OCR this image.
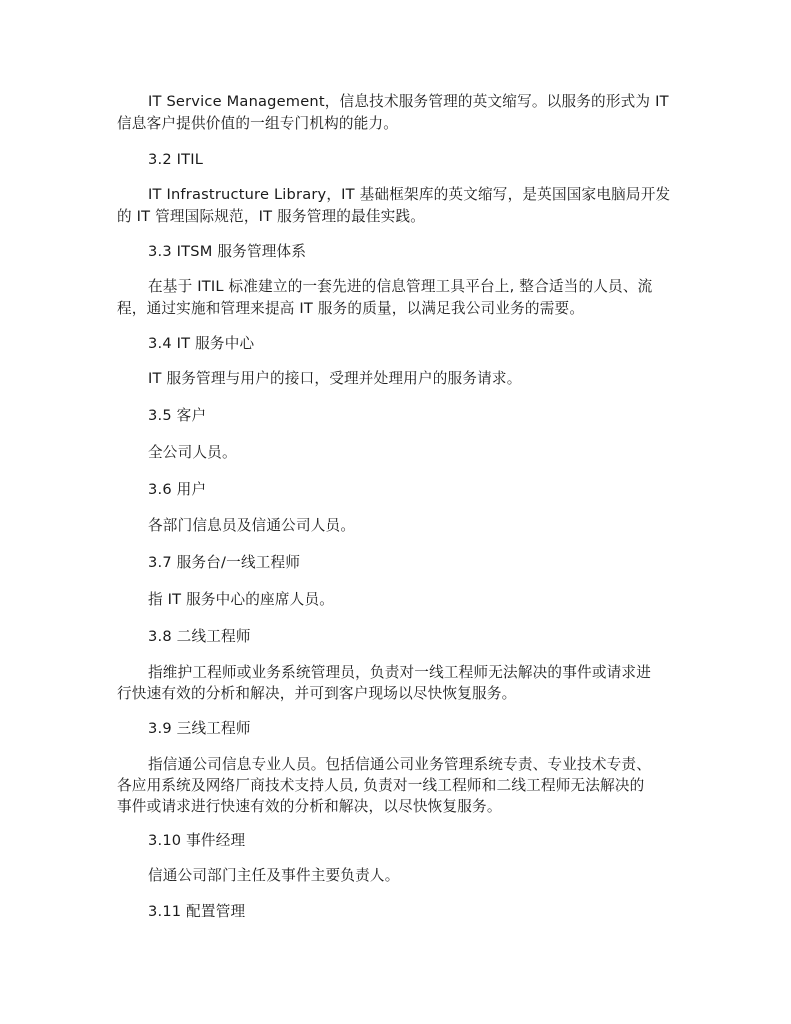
IT Service Management，信息技术服务管理的英文缩写。以服务的形式为 IT
信息客户提供价值的一组专门机构的能力。
3.2 ITIL
IT Infrastructure Library，IT 基础框架库的英文缩写，是英国国家电脑局开发
的 IT 管理国际规范，IT 服务管理的最佳实践。
3.3 ITSM 服务管理体系
在基于 ITIL 标准建立的一套先进的信息管理工具平台上, 整合适当的人员、流
程，通过实施和管理来提高 IT 服务的质量，以满足我公司业务的需要。
3.4 IT 服务中心
IT 服务管理与用户的接口，受理并处理用户的服务请求。
3.5 客户
全公司人员。
3.6 用户
各部门信息员及信通公司人员。
3.7 服务台/一线工程师
指 IT 服务中心的座席人员。
3.8 二线工程师
指维护工程师或业务系统管理员，负责对一线工程师无法解决的事件或请求进
行快速有效的分析和解决，并可到客户现场以尽快恢复服务。
3.9 三线工程师
指信通公司信息专业人员。包括信通公司业务管理系统专责、专业技术专责、
各应用系统及网络厂商技术支持人员, 负责对一线工程师和二线工程师无法解决的
事件或请求进行快速有效的分析和解决，以尽快恢复服务。
3.10 事件经理
信通公司部门主任及事件主要负责人。
3.11 配置管理
